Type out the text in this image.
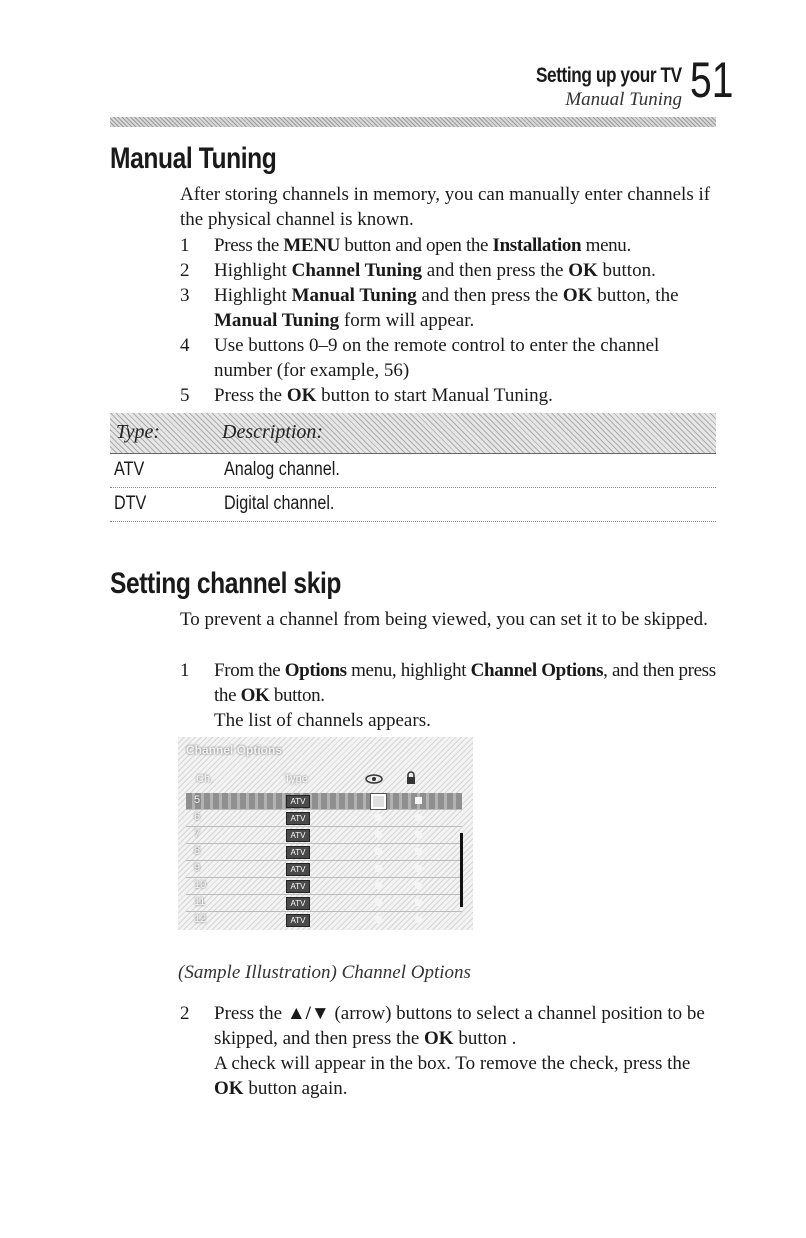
Setting up your TV
Manual Tuning 51
Manual Tuning
After storing channels in memory, you can manually enter channels if the physical channel is known.
1	Press the MENU button and open the Installation menu.
2	Highlight Channel Tuning and then press the OK button.
3	Highlight Manual Tuning and then press the OK button, the Manual Tuning form will appear.
4	Use buttons 0–9 on the remote control to enter the channel number (for example, 56)
5	Press the OK button to start Manual Tuning.
Type:	Description:
ATV	Analog channel.
DTV	Digital channel.
Setting channel skip
To prevent a channel from being viewed, you can set it to be skipped.
1	From the Options menu, highlight Channel Options, and then press the OK button.
The list of channels appears.
Channel Options
Ch.	Type
5	ATV
6	ATV
7	ATV
8	ATV
9	ATV
10	ATV
11	ATV
12	ATV
(Sample Illustration) Channel Options
2	Press the ▲/▼ (arrow) buttons to select a channel position to be skipped, and then press the OK button .
A check will appear in the box. To remove the check, press the OK button again.
